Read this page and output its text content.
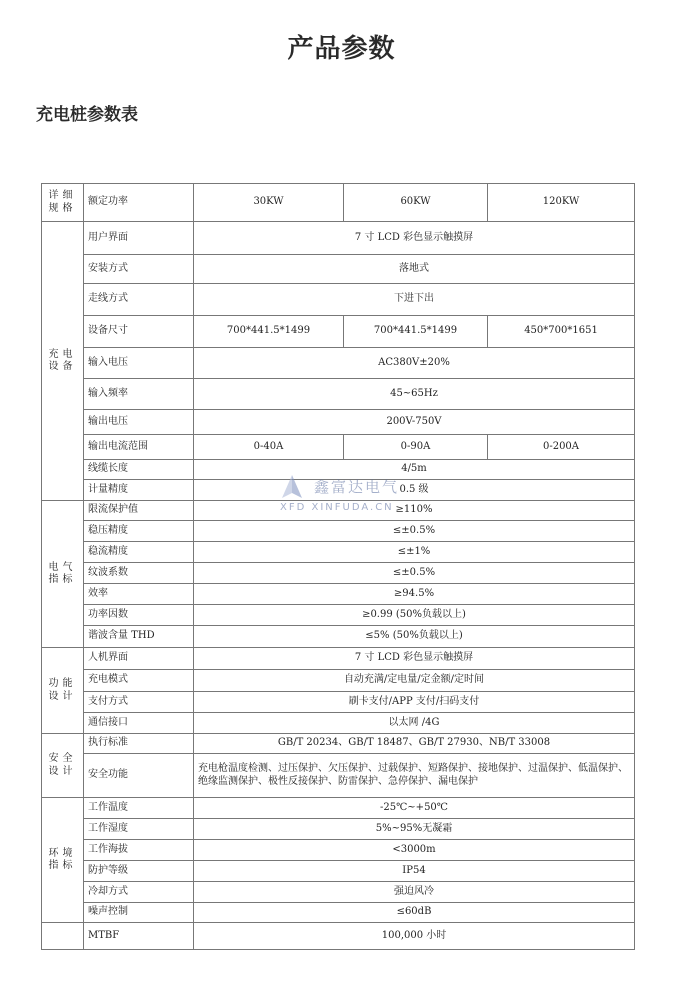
产品参数
充电桩参数表
详细规格	额定功率	30KW	60KW	120KW
充电设备	用户界面	7 寸 LCD 彩色显示触摸屏		
	安装方式	落地式		
	走线方式	下进下出		
	设备尺寸	700*441.5*1499	700*441.5*1499	450*700*1651
	输入电压	AC380V±20%		
	输入频率	45~65Hz		
	输出电压	200V-750V		
	输出电流范围	0-40A	0-90A	0-200A
	线缆长度	4/5m		
	计量精度	0.5 级		
电气指标	限流保护值	≥110%		
	稳压精度	≤±0.5%		
	稳流精度	≤±1%		
	纹波系数	≤±0.5%		
	效率	≥94.5%		
	功率因数	≥0.99 (50%负载以上)		
	谐波含量 THD	≤5% (50%负载以上)		
功能设计	人机界面	7 寸 LCD 彩色显示触摸屏		
	充电模式	自动充满/定电量/定金额/定时间		
	支付方式	刷卡支付/APP 支付/扫码支付		
	通信接口	以太网 /4G		
安全设计	执行标准	GB/T 20234、GB/T 18487、GB/T 27930、NB/T 33008		
	安全功能	充电枪温度检测、过压保护、欠压保护、过载保护、短路保护、接地保护、过温保护、低温保护、绝缘监测保护、极性反接保护、防雷保护、急停保护、漏电保护		
环境指标	工作温度	-25℃~+50℃		
	工作湿度	5%~95%无凝霜		
	工作海拔	<3000m		
	防护等级	IP54		
	冷却方式	强迫风冷		
	噪声控制	≤60dB		
	MTBF	100,000 小时		
鑫富达电气
XFD XINFUDA.CN
